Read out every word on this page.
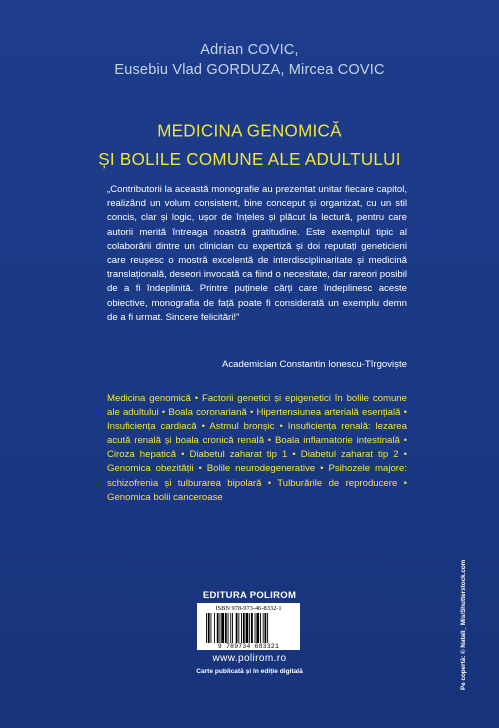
Adrian COVIC,
Eusebiu Vlad GORDUZA, Mircea COVIC
MEDICINA GENOMICĂ
ȘI BOLILE COMUNE ALE ADULTULUI
„Contributorii la această monografie au prezentat unitar fiecare capitol, realizând un volum consistent, bine conceput și organizat, cu un stil concis, clar și logic, ușor de înțeles și plăcut la lectură, pentru care autorii merită întreaga noastră gratitudine. Este exemplul tipic al colaborării dintre un clinician cu expertiză și doi reputați geneticieni care reușesc o mostră excelentă de interdisciplinaritate și medicină translațională, deseori invocată ca fiind o necesitate, dar rareori posibil de a fi îndeplinită. Printre puținele cărți care îndeplinesc aceste obiective, monografia de față poate fi considerată un exemplu demn de a fi urmat. Sincere felicitări!”
Academician Constantin Ionescu-Tîrgoviște
Medicina genomică • Factorii genetici și epigenetici în bolile comune ale adultului • Boala coronariană • Hipertensiunea arterială esențială • Insuficiența cardiacă • Astmul bronșic • Insuficiența renală: lezarea acută renală și boala cronică renală • Boala inflamatorie intestinală • Ciroza hepatică • Diabetul zaharat tip 1 • Diabetul zaharat tip 2 • Genomica obezității • Bolile neurodegenerative • Psihozele majore: schizofrenia și tulburarea bipolară • Tulburările de reproducere • Genomica bolii canceroase
EDITURA POLIROM
ISBN 978-973-46-8332-1
9 789734 683321
www.polirom.ro
Carte publicată și în ediție digitală	Pe copertă: © Natali_ Mis/Shutterstock.com
